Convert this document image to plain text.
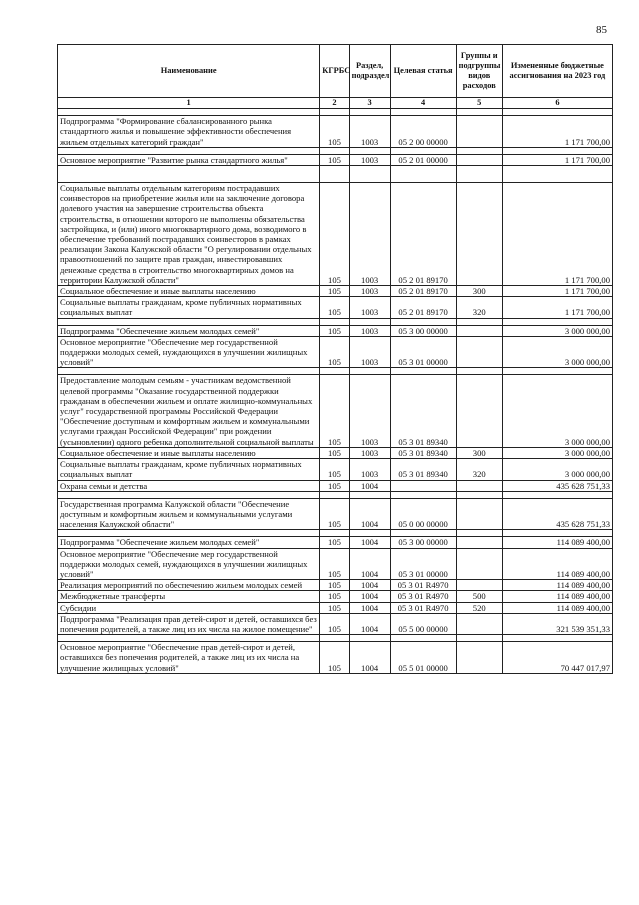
85
Наименование	КГРБС	Раздел, подраздел	Целевая статья	Группы и подгруппы видов расходов	Измененные бюджетные ассигнования на 2023 год
1	2	3	4	5	6

Подпрограмма "Формирование сбалансированного рынка стандартного жилья и повышение эффективности обеспечения жильем отдельных категорий граждан"	105	1003	05 2 00 00000		1 171 700,00

Основное мероприятие "Развитие рынка стандартного жилья"	105	1003	05 2 01 00000		1 171 700,00

Социальные выплаты отдельным категориям пострадавших соинвесторов на приобретение жилья или на заключение договора долевого участия на завершение строительства объекта строительства, в отношении которого не выполнены обязательства застройщика, и (или) иного многоквартирного дома, возводимого в обеспечение требований пострадавших соинвесторов в рамках реализации Закона Калужской области "О регулировании отдельных правоотношений по защите прав граждан, инвестировавших денежные средства в строительство многоквартирных домов на территории Калужской области"	105	1003	05 2 01 89170		1 171 700,00
Социальное обеспечение и иные выплаты населению	105	1003	05 2 01 89170	300	1 171 700,00
Социальные выплаты гражданам, кроме публичных нормативных социальных выплат	105	1003	05 2 01 89170	320	1 171 700,00

Подпрограмма "Обеспечение жильем молодых семей"	105	1003	05 3 00 00000		3 000 000,00
Основное мероприятие "Обеспечение мер государственной поддержки молодых семей, нуждающихся в улучшении жилищных условий"	105	1003	05 3 01 00000		3 000 000,00

Предоставление молодым семьям - участникам ведомственной целевой программы "Оказание государственной поддержки гражданам в обеспечении жильем и оплате жилищно-коммунальных услуг" государственной программы Российской Федерации "Обеспечение доступным и комфортным жильем и коммунальными услугами граждан Российской Федерации" при рождении (усыновлении) одного ребенка дополнительной социальной выплаты	105	1003	05 3 01 89340		3 000 000,00
Социальное обеспечение и иные выплаты населению	105	1003	05 3 01 89340	300	3 000 000,00
Социальные выплаты гражданам, кроме публичных нормативных социальных выплат	105	1003	05 3 01 89340	320	3 000 000,00
Охрана семьи и детства	105	1004			435 628 751,33

Государственная программа Калужской области "Обеспечение доступным и комфортным жильем и коммунальными услугами населения Калужской области"	105	1004	05 0 00 00000		435 628 751,33

Подпрограмма "Обеспечение жильем молодых семей"	105	1004	05 3 00 00000		114 089 400,00
Основное мероприятие "Обеспечение мер государственной поддержки молодых семей, нуждающихся в улучшении жилищных условий"	105	1004	05 3 01 00000		114 089 400,00
Реализация мероприятий по обеспечению жильем молодых семей	105	1004	05 3 01 R4970		114 089 400,00
Межбюджетные трансферты	105	1004	05 3 01 R4970	500	114 089 400,00
Субсидии	105	1004	05 3 01 R4970	520	114 089 400,00
Подпрограмма "Реализация прав детей-сирот и детей, оставшихся без попечения родителей, а также лиц из их числа на жилое помещение"	105	1004	05 5 00 00000		321 539 351,33

Основное мероприятие "Обеспечение прав детей-сирот и детей, оставшихся без попечения родителей, а также лиц из их числа на улучшение жилищных условий"	105	1004	05 5 01 00000		70 447 017,97
